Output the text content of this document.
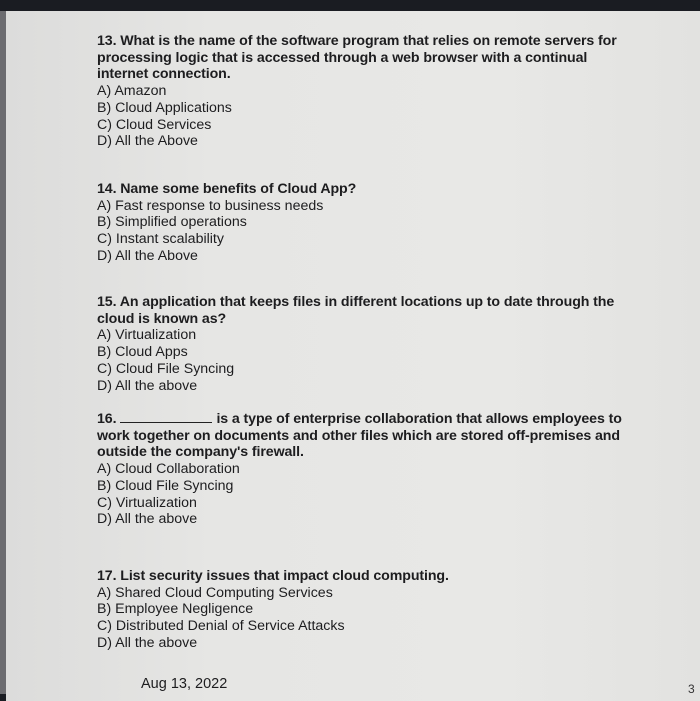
13. What is the name of the software program that relies on remote servers for processing logic that is accessed through a web browser with a continual internet connection.
A) Amazon
B) Cloud Applications
C) Cloud Services
D) All the Above
14. Name some benefits of Cloud App?
A) Fast response to business needs
B) Simplified operations
C) Instant scalability
D) All the Above
15. An application that keeps files in different locations up to date through the cloud is known as?
A) Virtualization
B) Cloud Apps
C) Cloud File Syncing
D) All the above
16.	is a type of enterprise collaboration that allows employees to work together on documents and other files which are stored off-premises and outside the company's firewall.
A) Cloud Collaboration
B) Cloud File Syncing
C) Virtualization
D) All the above
17. List security issues that impact cloud computing.
A) Shared Cloud Computing Services
B) Employee Negligence
C) Distributed Denial of Service Attacks
D) All the above
Aug 13, 2022	3
